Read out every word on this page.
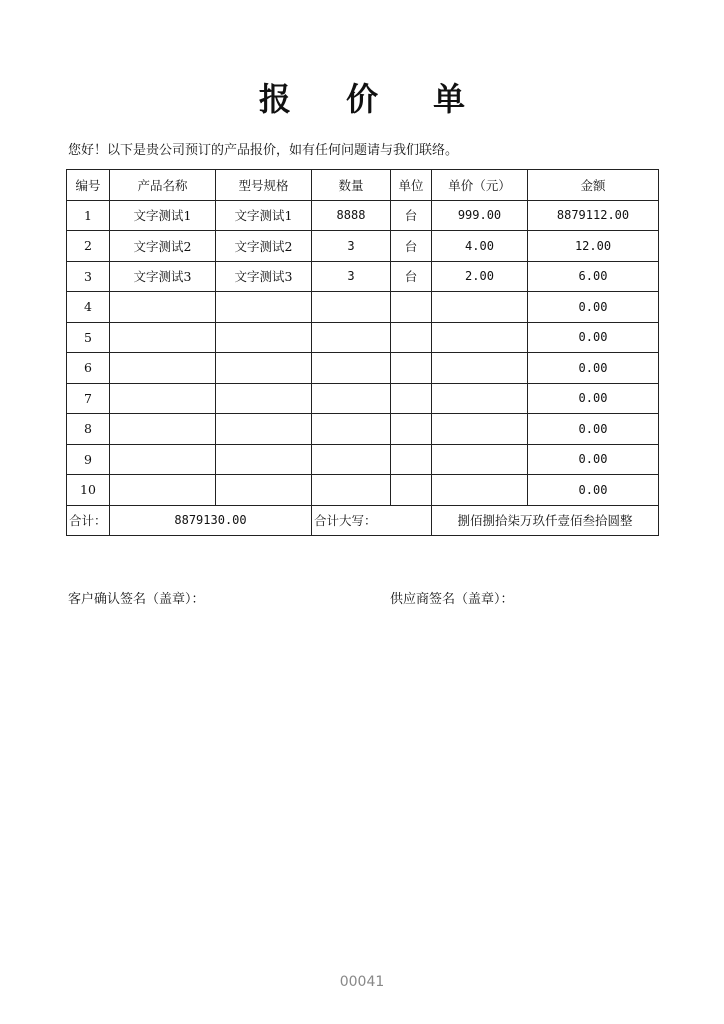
报 价 单
您好！以下是贵公司预订的产品报价，如有任何问题请与我们联络。
编号	产品名称	型号规格	数量	单位	单价（元）	金额
1	文字测试1	文字测试1	8888	台	999.00	8879112.00
2	文字测试2	文字测试2	3	台	4.00	12.00
3	文字测试3	文字测试3	3	台	2.00	6.00
4						0.00
5						0.00
6						0.00
7						0.00
8						0.00
9						0.00
10						0.00
合计：	8879130.00		合计大写：		捌佰捌拾柒万玖仟壹佰叁拾圆整	
客户确认签名（盖章）：	供应商签名（盖章）：
00041
